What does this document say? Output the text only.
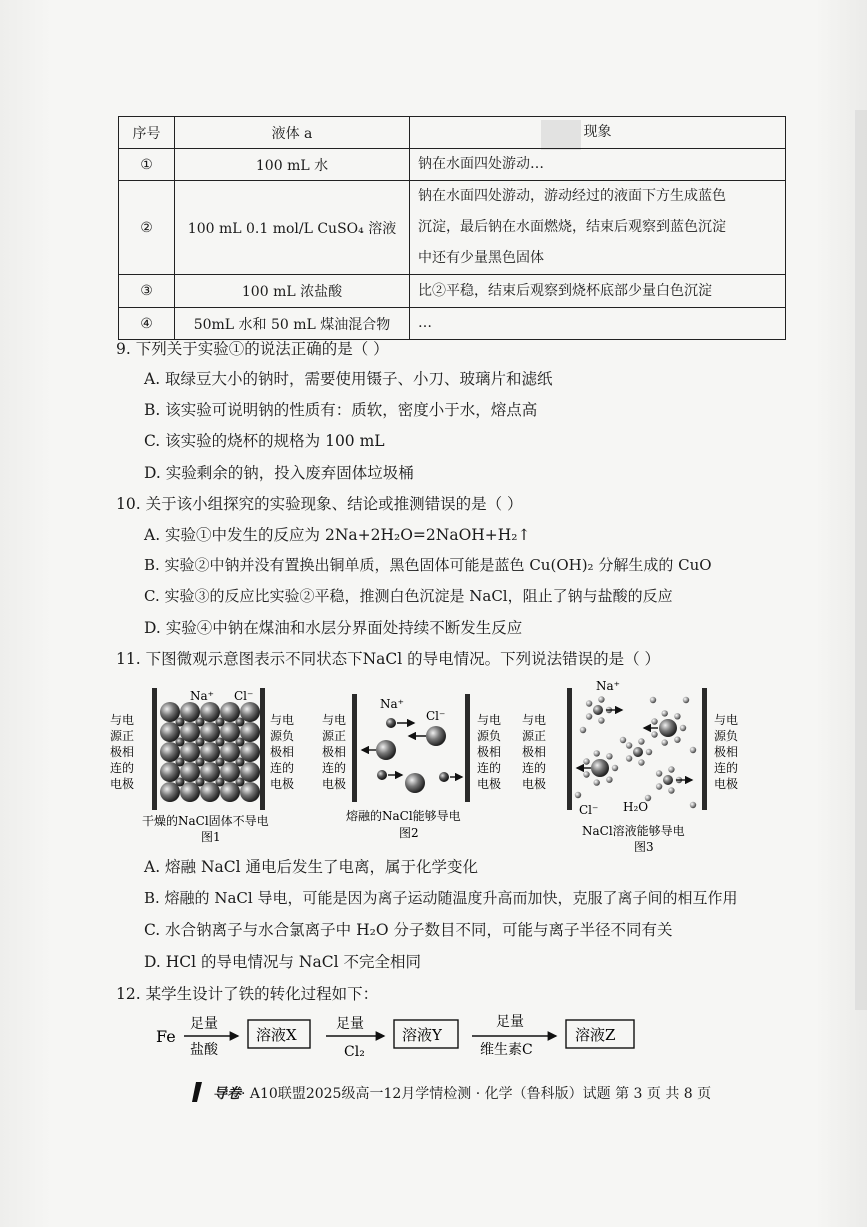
序号	液体 a	现象
①	100 mL 水	钠在水面四处游动…
②	100 mL 0.1 mol/L CuSO₄ 溶液	钠在水面四处游动，游动经过的液面下方生成蓝色
沉淀，最后钠在水面燃烧，结束后观察到蓝色沉淀
中还有少量黑色固体

③	100 mL 浓盐酸	比②平稳，结束后观察到烧杯底部少量白色沉淀
④	50mL 水和 50 mL 煤油混合物	…
9. 下列关于实验①的说法正确的是（ ）
A. 取绿豆大小的钠时，需要使用镊子、小刀、玻璃片和滤纸
B. 该实验可说明钠的性质有：质软，密度小于水，熔点高
C. 该实验的烧杯的规格为 100 mL
D. 实验剩余的钠，投入废弃固体垃圾桶
10. 关于该小组探究的实验现象、结论或推测错误的是（ ）
A. 实验①中发生的反应为 2Na+2H₂O=2NaOH+H₂↑
B. 实验②中钠并没有置换出铜单质，黑色固体可能是蓝色 Cu(OH)₂ 分解生成的 CuO
C. 实验③的反应比实验②平稳，推测白色沉淀是 NaCl，阻止了钠与盐酸的反应
D. 实验④中钠在煤油和水层分界面处持续不断发生反应
11. 下图微观示意图表示不同状态下NaCl 的导电情况。下列说法错误的是（ ）
与电
源正
极相
连的
电极
Na⁺ Cl⁻
与电
源负
极相
连的
电极
干燥的NaCl固体不导电
图1
与电
源正
极相
连的
电极
Na⁺
Cl⁻	与电
源负
极相
连的
电极
熔融的NaCl能够导电
图2
与电
源正
极相
连的
电极
Na⁺
Cl⁻ H₂O
与电
源负
极相
连的
电极
NaCl溶液能够导电
图3
A. 熔融 NaCl 通电后发生了电离，属于化学变化
B. 熔融的 NaCl 导电，可能是因为离子运动随温度升高而加快，克服了离子间的相互作用
C. 水合钠离子与水合氯离子中 H₂O 分子数目不同，可能与离子半径不同有关
D. HCl 的导电情况与 NaCl 不完全相同
12. 某学生设计了铁的转化过程如下：
Fe
足量
盐酸
溶液X
足量
Cl₂
溶液Y
足量
维生素C
溶液Z
导卷· A10联盟2025级高一12月学情检测 · 化学（鲁科版）试题 第 3 页 共 8 页
